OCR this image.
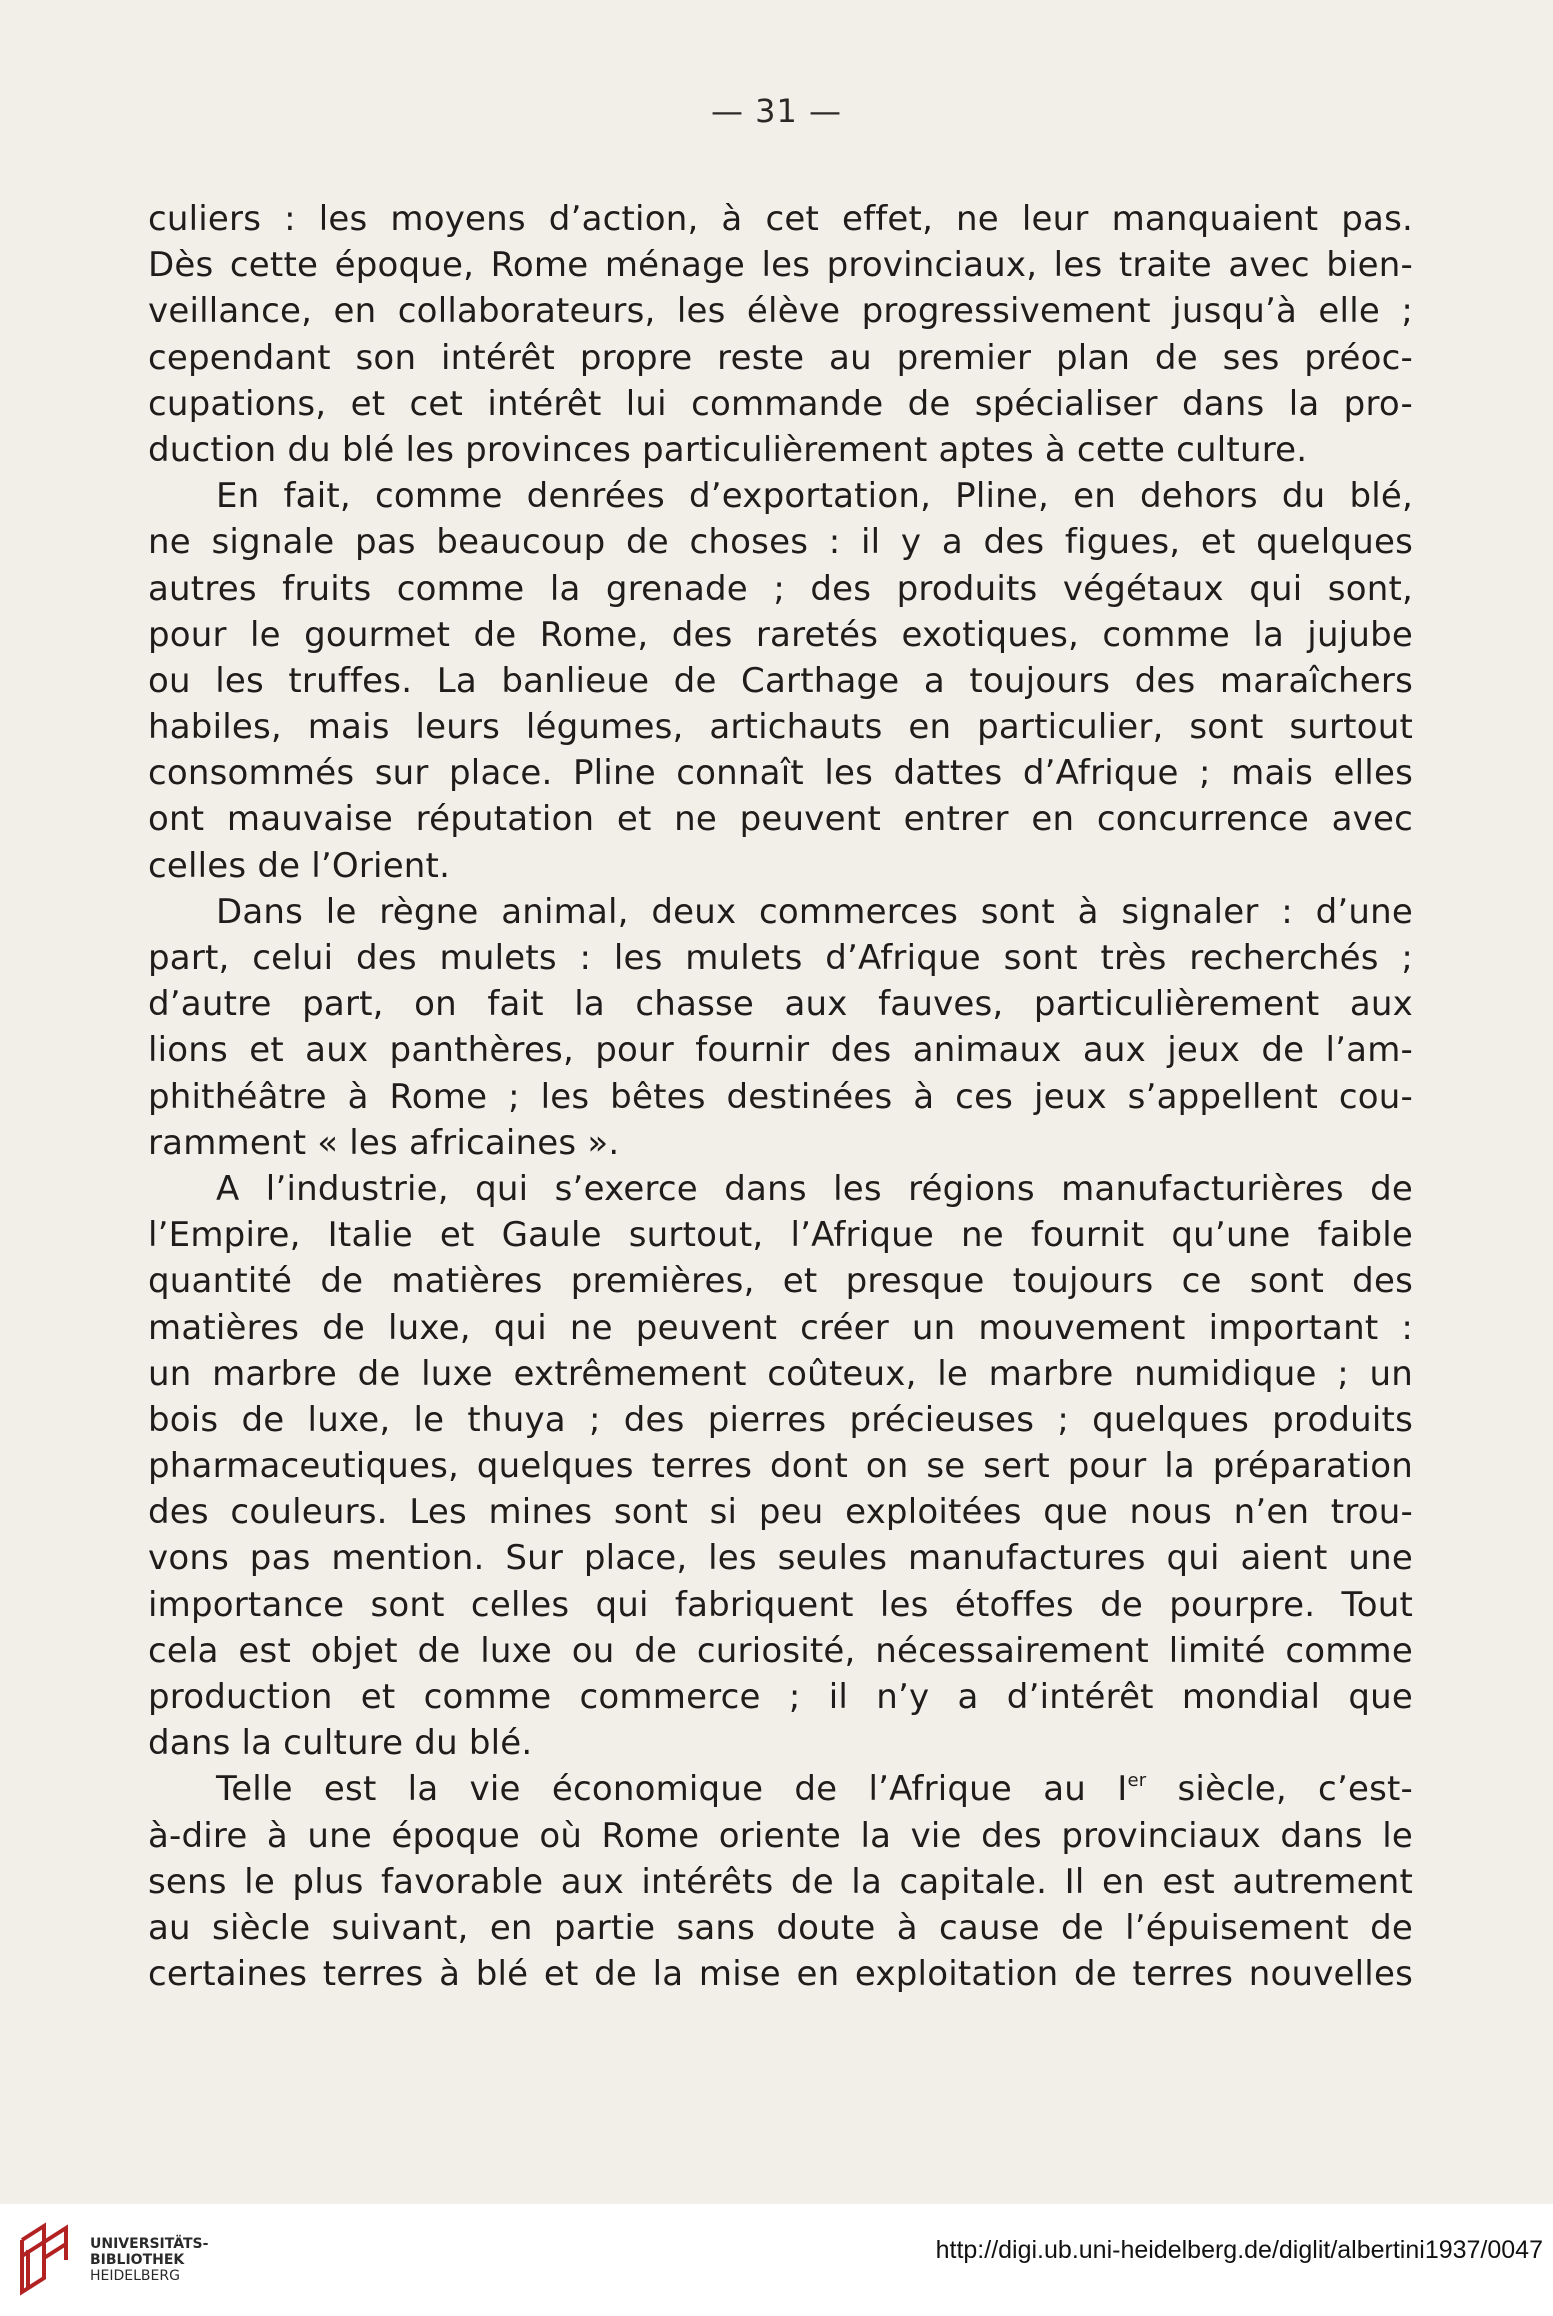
— 31 —
culiers : les moyens d’action, à cet effet, ne leur manquaient pas.
Dès cette époque, Rome ménage les provinciaux, les traite avec bien-
veillance, en collaborateurs, les élève progressivement jusqu’à elle ;
cependant son intérêt propre reste au premier plan de ses préoc-
cupations, et cet intérêt lui commande de spécialiser dans la pro-
duction du blé les provinces particulièrement aptes à cette culture.
En fait, comme denrées d’exportation, Pline, en dehors du blé,
ne signale pas beaucoup de choses : il y a des figues, et quelques
autres fruits comme la grenade ; des produits végétaux qui sont,
pour le gourmet de Rome, des raretés exotiques, comme la jujube
ou les truffes. La banlieue de Carthage a toujours des maraîchers
habiles, mais leurs légumes, artichauts en particulier, sont surtout
consommés sur place. Pline connaît les dattes d’Afrique ; mais elles
ont mauvaise réputation et ne peuvent entrer en concurrence avec
celles de l’Orient.
Dans le règne animal, deux commerces sont à signaler : d’une
part, celui des mulets : les mulets d’Afrique sont très recherchés ;
d’autre part, on fait la chasse aux fauves, particulièrement aux
lions et aux panthères, pour fournir des animaux aux jeux de l’am-
phithéâtre à Rome ; les bêtes destinées à ces jeux s’appellent cou-
ramment « les africaines ».
A l’industrie, qui s’exerce dans les régions manufacturières de
l’Empire, Italie et Gaule surtout, l’Afrique ne fournit qu’une faible
quantité de matières premières, et presque toujours ce sont des
matières de luxe, qui ne peuvent créer un mouvement important :
un marbre de luxe extrêmement coûteux, le marbre numidique ; un
bois de luxe, le thuya ; des pierres précieuses ; quelques produits
pharmaceutiques, quelques terres dont on se sert pour la préparation
des couleurs. Les mines sont si peu exploitées que nous n’en trou-
vons pas mention. Sur place, les seules manufactures qui aient une
importance sont celles qui fabriquent les étoffes de pourpre. Tout
cela est objet de luxe ou de curiosité, nécessairement limité comme
production et comme commerce ; il n’y a d’intérêt mondial que
dans la culture du blé.
Telle est la vie économique de l’Afrique au Ier siècle, c’est-
à-dire à une époque où Rome oriente la vie des provinciaux dans le
sens le plus favorable aux intérêts de la capitale. Il en est autrement
au siècle suivant, en partie sans doute à cause de l’épuisement de
certaines terres à blé et de la mise en exploitation de terres nouvelles
UNIVERSITÄTS-
BIBLIOTHEK
HEIDELBERG
http://digi.ub.uni-heidelberg.de/diglit/albertini1937/0047
